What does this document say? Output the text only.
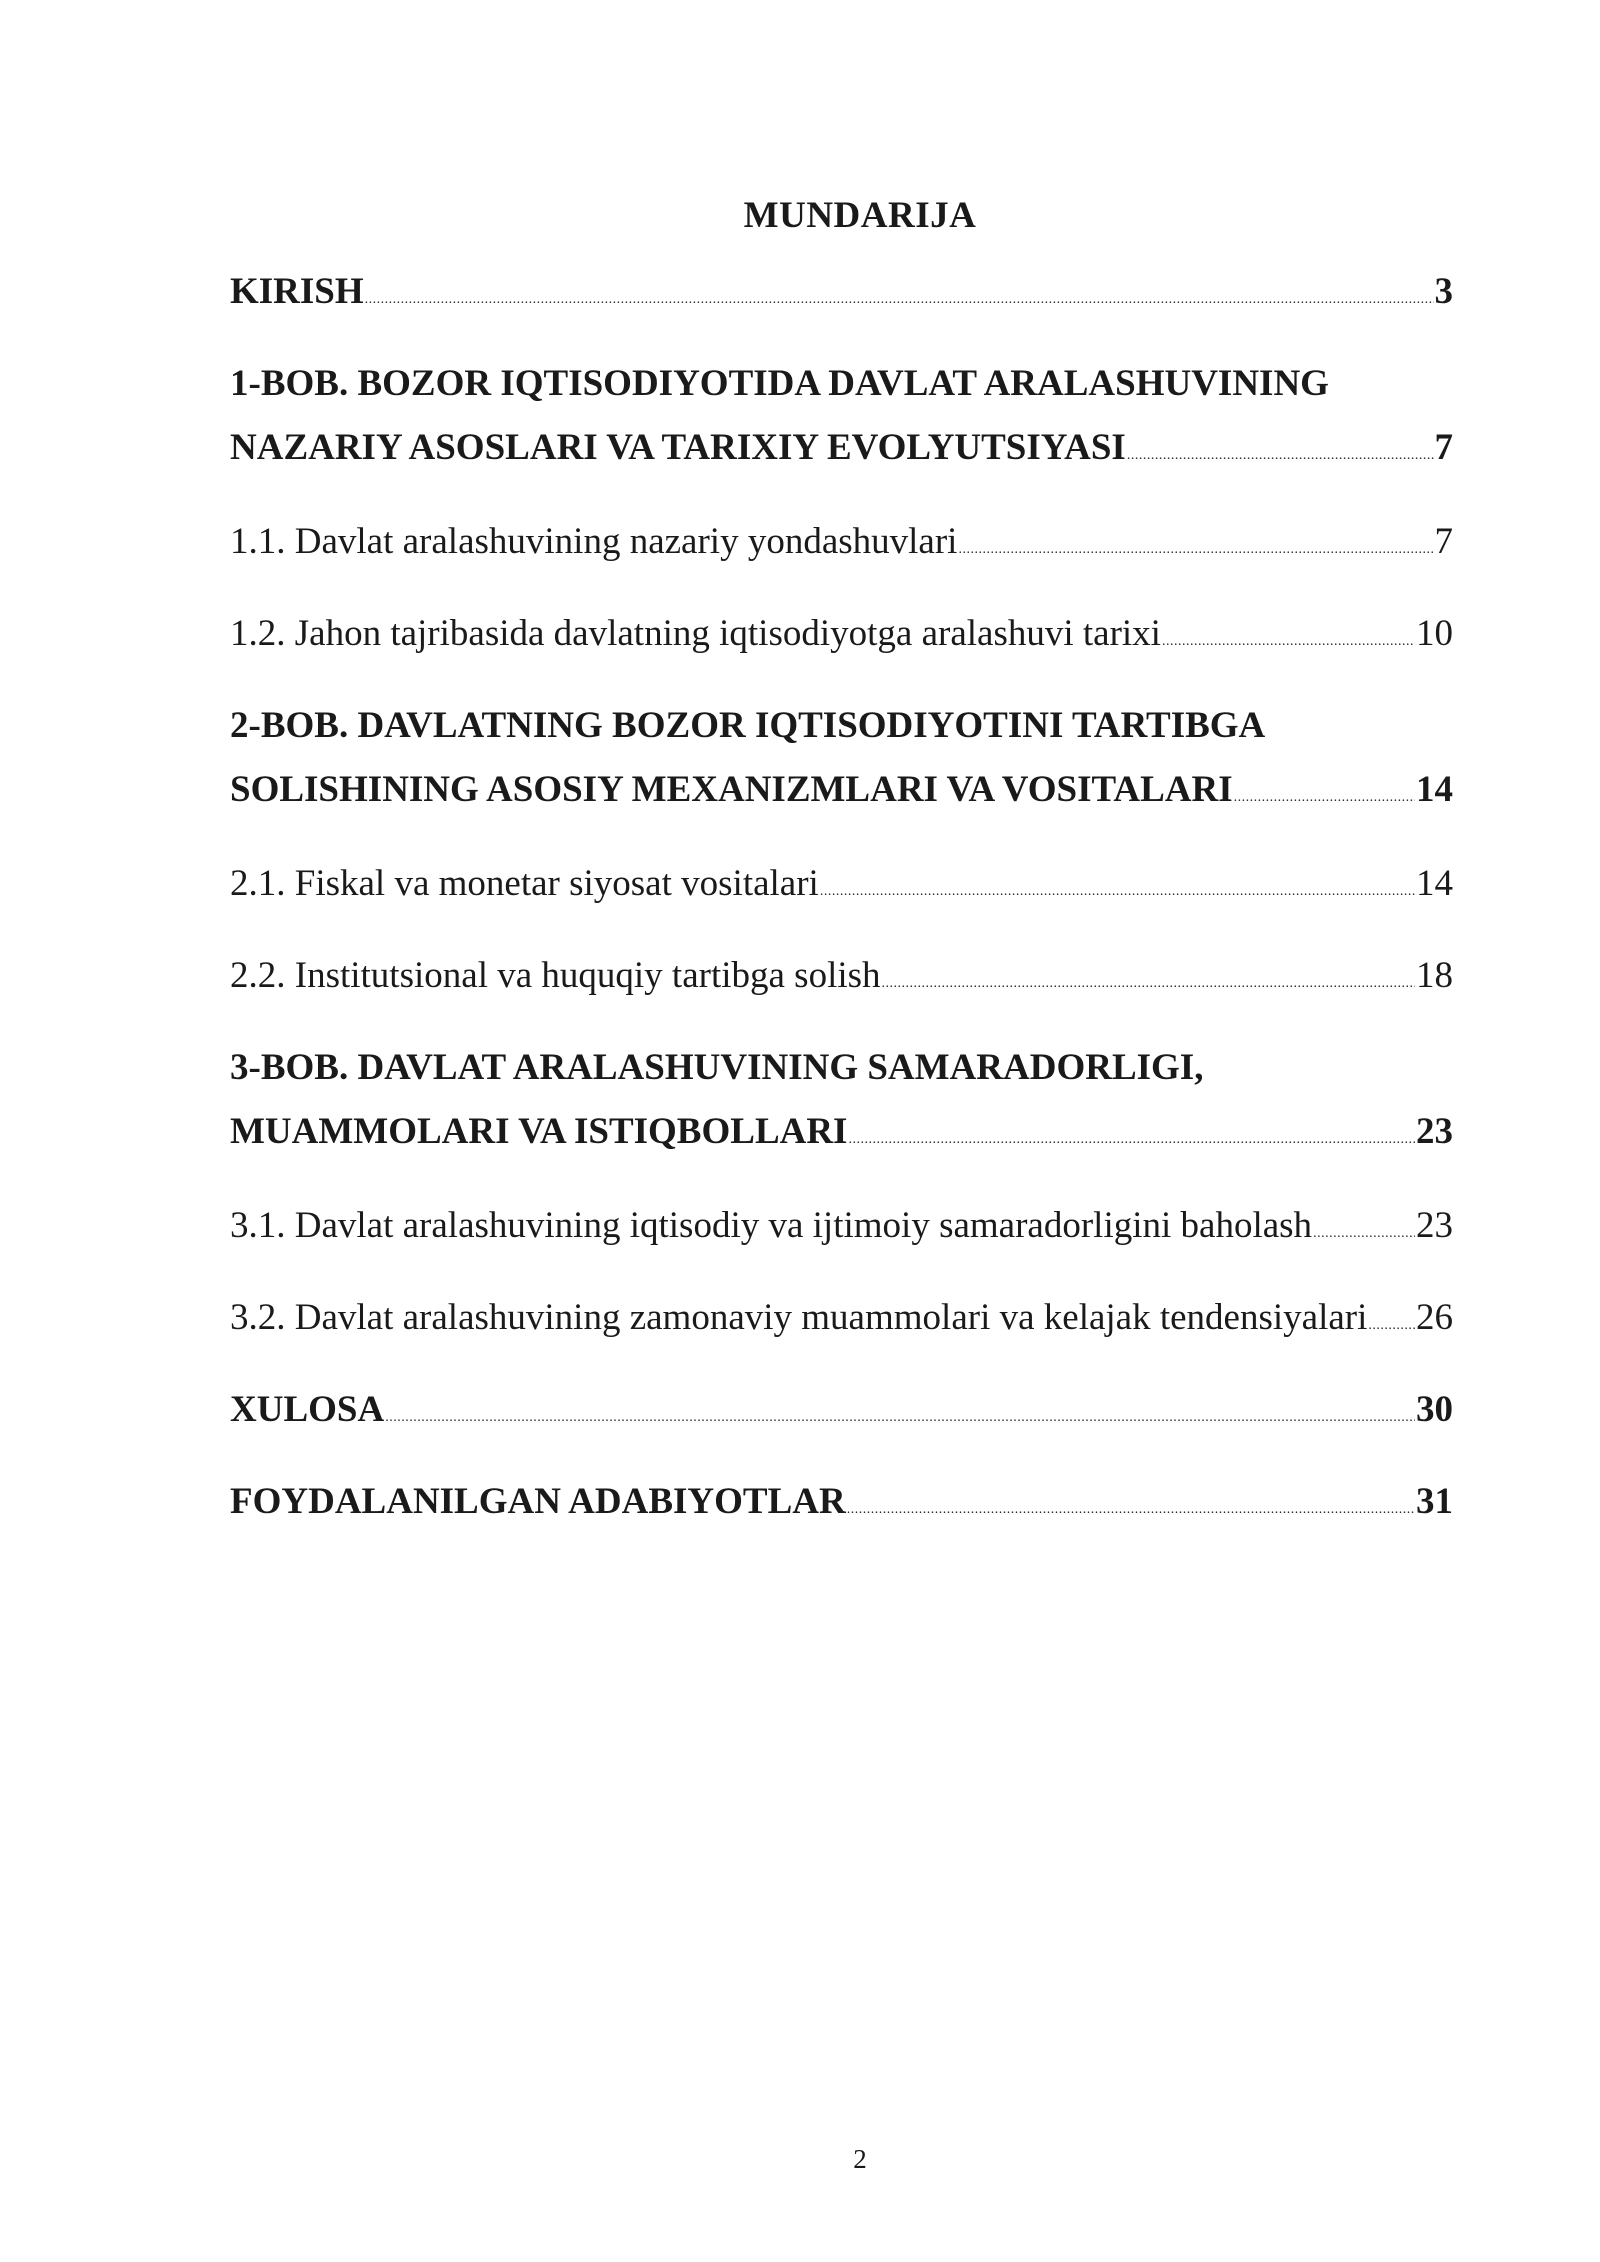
MUNDARIJA
KIRISH .....	3
1-BOB. BOZOR IQTISODIYOTIDA DAVLAT ARALASHUVINING
NAZARIY ASOSLARI VA TARIXIY EVOLYUTSIYASI .....	7
1.1. Davlat aralashuvining nazariy yondashuvlari .....	7
1.2. Jahon tajribasida davlatning iqtisodiyotga aralashuvi tarixi .....	10
2-BOB. DAVLATNING BOZOR IQTISODIYOTINI TARTIBGA
SOLISHINING ASOSIY MEXANIZMLARI VA VOSITALARI .....	14
2.1. Fiskal va monetar siyosat vositalari .....	14
2.2. Institutsional va huquqiy tartibga solish .....	18
3-BOB. DAVLAT ARALASHUVINING SAMARADORLIGI,
MUAMMOLARI VA ISTIQBOLLARI .....	23
3.1. Davlat aralashuvining iqtisodiy va ijtimoiy samaradorligini baholash .....	23
3.2. Davlat aralashuvining zamonaviy muammolari va kelajak tendensiyalari ..... 26
XULOSA .....	30
FOYDALANILGAN ADABIYOTLAR .....	31
2
